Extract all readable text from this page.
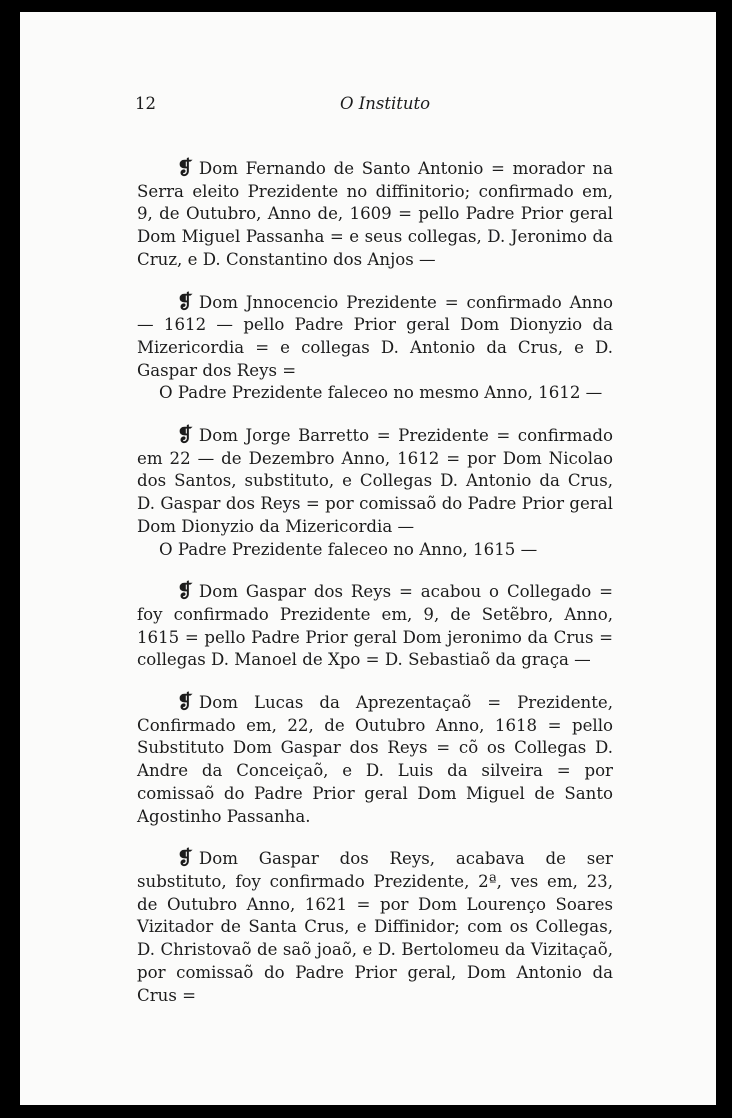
12	O Instituto

❡ Dom Fernando de Santo Antonio = morador na Serra eleito Prezidente no diffinitorio; confirmado em, 9, de Outubro, Anno de, 1609 = pello Padre Prior geral Dom Miguel Passanha = e seus collegas, D. Jeronimo da Cruz, e D. Constantino dos Anjos —

❡ Dom Jnnocencio Prezidente = confirmado Anno — 1612 — pello Padre Prior geral Dom Dionyzio da Mizericordia = e collegas D. Antonio da Crus, e D. Gaspar dos Reys =

O Padre Prezidente faleceo no mesmo Anno, 1612 —

❡ Dom Jorge Barretto = Prezidente = confirmado em 22 — de Dezembro Anno, 1612 = por Dom Nicolao dos Santos, substituto, e Collegas D. Antonio da Crus, D. Gaspar dos Reys = por comissaõ do Padre Prior geral Dom Dionyzio da Mizericordia —

O Padre Prezidente faleceo no Anno, 1615 —

❡ Dom Gaspar dos Reys = acabou o Collegado = foy confirmado Prezidente em, 9, de Setẽbro, Anno, 1615 = pello Padre Prior geral Dom jeronimo da Crus = collegas D. Manoel de Xpo = D. Sebastiaõ da graça —

❡ Dom Lucas da Aprezentaçaõ = Prezidente, Confirmado em, 22, de Outubro Anno, 1618 = pello Substituto Dom Gaspar dos Reys = cõ os Collegas D. Andre da Conceiçaõ, e D. Luis da silveira = por comissaõ do Padre Prior geral Dom Miguel de Santo Agostinho Passanha.

❡ Dom Gaspar dos Reys, acabava de ser substituto, foy confirmado Prezidente, 2ª, ves em, 23, de Outubro Anno, 1621 = por Dom Lourenço Soares Vizitador de Santa Crus, e Diffinidor; com os Collegas, D. Christovaõ de saõ joaõ, e D. Bertolomeu da Vizitaçaõ, por comissaõ do Padre Prior geral, Dom Antonio da Crus =
